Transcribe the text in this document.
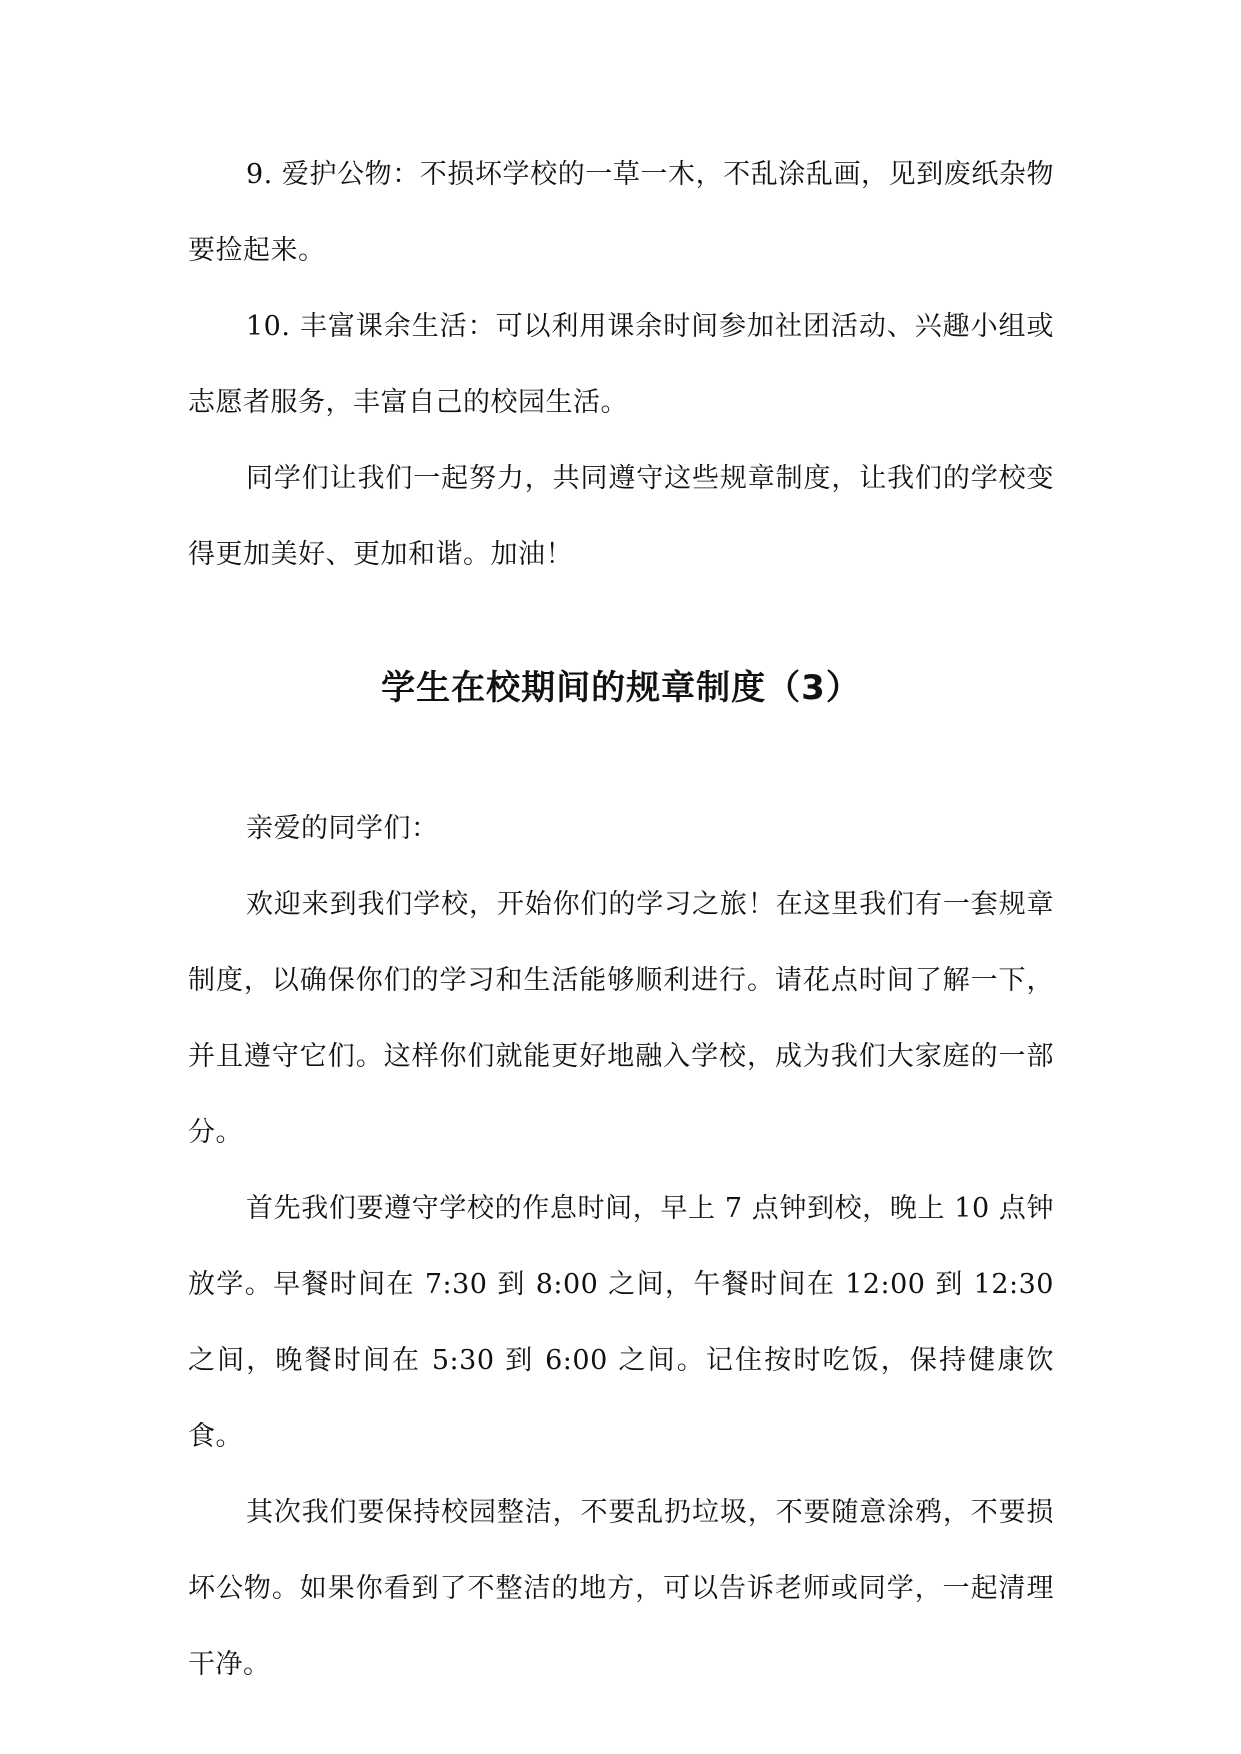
9. 爱护公物：不损坏学校的一草一木，不乱涂乱画，见到废纸杂物要捡起来。

10. 丰富课余生活：可以利用课余时间参加社团活动、兴趣小组或志愿者服务，丰富自己的校园生活。

同学们让我们一起努力，共同遵守这些规章制度，让我们的学校变得更加美好、更加和谐。加油！

学生在校期间的规章制度（3）

亲爱的同学们：

欢迎来到我们学校，开始你们的学习之旅！在这里我们有一套规章制度，以确保你们的学习和生活能够顺利进行。请花点时间了解一下，并且遵守它们。这样你们就能更好地融入学校，成为我们大家庭的一部分。

首先我们要遵守学校的作息时间，早上 7 点钟到校，晚上 10 点钟放学。早餐时间在 7:30 到 8:00 之间，午餐时间在 12:00 到 12:30 之间，晚餐时间在 5:30 到 6:00 之间。记住按时吃饭，保持健康饮食。

其次我们要保持校园整洁，不要乱扔垃圾，不要随意涂鸦，不要损坏公物。如果你看到了不整洁的地方，可以告诉老师或同学，一起清理干净。
